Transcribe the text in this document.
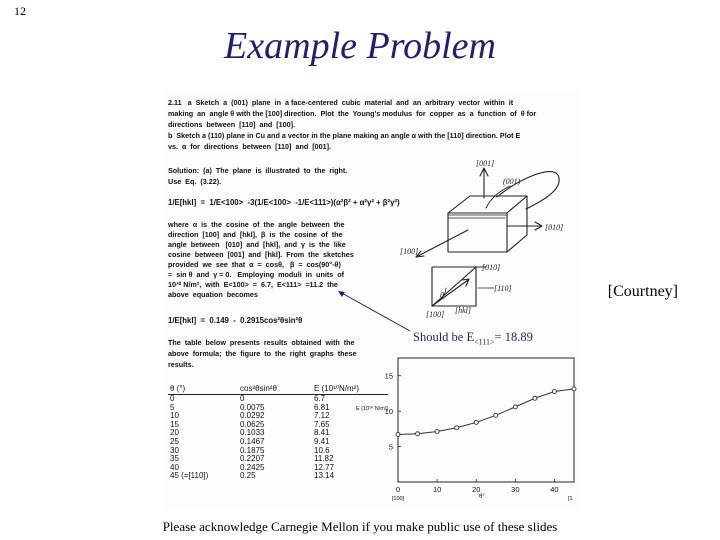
12
Example Problem
2.11   a  Sketch  a  (001)  plane  in  a face-centered  cubic  material  and  an  arbitrary  vector  within  it
making  an  angle θ with the [100] direction.  Plot  the  Young's modulus  for  copper  as  a  function  of  θ for
directions  between  [110]  and  [100].
b  Sketch a (110) plane in Cu and a vector in the plane making an angle α with the [110] direction. Plot E
vs.  α  for  directions  between  [110]  and  [001].
Solution:  (a)  The  plane  is  illustrated  to  the  right.
Use  Eq.  (3.22).
1/E[hkl]  =  1/E<100>  -3(1/E<100>  -1/E<111>)(α²β² + α²γ² + β²γ²)
where  α  is  the  cosine  of  the  angle  between  the
direction  [100]  and  [hkl],  β  is  the  cosine  of  the
angle  between   [010]  and  [hkl],  and  γ  is  the  like
cosine  between  [001]  and  [hkl].  From  the  sketches
provided  we  see  that  α  =  cosθ,   β  =  cos(90°-θ)
=  sin θ  and  γ = 0.   Employing  moduli  in  units  of
10¹⁰ N/m²,  with  E<100>  =  6.7,  E<111>  =11.2  the
above  equation  becomes
1/E[hkl]  =  0.149  -  0.2915cos²θsin²θ
The  table  below  presents  results  obtained  with  the
above  formula;  the  figure  to  the  right  graphs  these
results.
[001]
(001)
[010]
[100]
[010]
[110]
[100] [hkl]
θ	[Courtney]
Should be $E_{<111>}= 18.89$
θ (°)	cos²θsin²θ	E (10¹⁰N/m²)
0	0	6.7
5	0.0075	6.81
10	0.0292	7.12
15	0.0625	7.65
20	0.1033	8.41
25	0.1467	9.41
30	0.1875	10.6
35	0.2207	11.82
40	0.2425	12.77
45 (=[110])	0.25	13.14
0	10	20	30	40
5
10
15
[100]	[1
E (10¹⁰ N/m²)
θ°
Please acknowledge Carnegie Mellon if you make public use of these slides
